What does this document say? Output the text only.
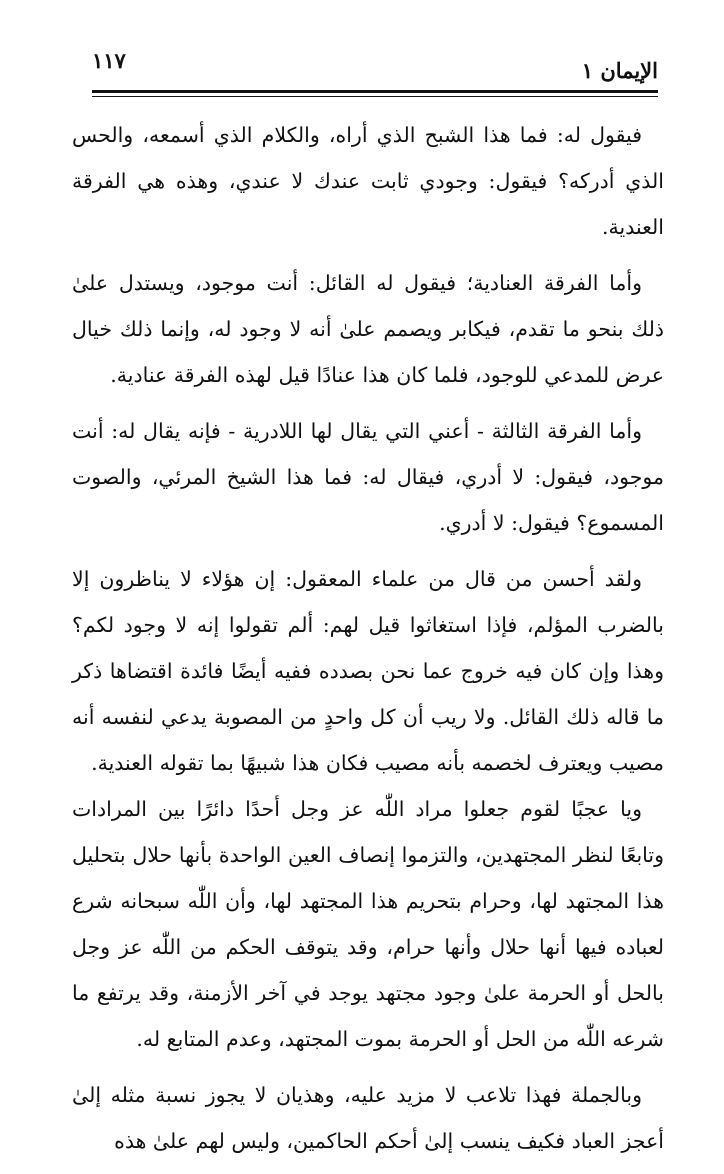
الإيمان ١
١١٧

فيقول له: فما هذا الشبح الذي أراه، والكلام الذي أسمعه، والحس الذي أدركه؟ فيقول: وجودي ثابت عندك لا عندي، وهذه هي الفرقة العندية.

وأما الفرقة العنادية؛ فيقول له القائل: أنت موجود، ويستدل علىٰ ذلك بنحو ما تقدم، فيكابر ويصمم علىٰ أنه لا وجود له، وإنما ذلك خيال عرض للمدعي للوجود، فلما كان هذا عنادًا قيل لهذه الفرقة عنادية.

وأما الفرقة الثالثة - أعني التي يقال لها اللادرية - فإنه يقال له: أنت موجود، فيقول: لا أدري، فيقال له: فما هذا الشيخ المرئي، والصوت المسموع؟ فيقول: لا أدري.

ولقد أحسن من قال من علماء المعقول: إن هؤلاء لا يناظرون إلا بالضرب المؤلم، فإذا استغاثوا قيل لهم: ألم تقولوا إنه لا وجود لكم؟ وهذا وإن كان فيه خروج عما نحن بصدده ففيه أيضًا فائدة اقتضاها ذكر ما قاله ذلك القائل. ولا ريب أن كل واحدٍ من المصوبة يدعي لنفسه أنه مصيب ويعترف لخصمه بأنه مصيب فكان هذا شبيهًا بما تقوله العندية.

ويا عجبًا لقوم جعلوا مراد اللّٰه عز وجل أحدًا دائرًا بين المرادات وتابعًا لنظر المجتهدين، والتزموا إنصاف العين الواحدة بأنها حلال بتحليل هذا المجتهد لها، وحرام بتحريم هذا المجتهد لها، وأن اللّٰه سبحانه شرع لعباده فيها أنها حلال وأنها حرام، وقد يتوقف الحكم من اللّٰه عز وجل بالحل أو الحرمة علىٰ وجود مجتهد يوجد في آخر الأزمنة، وقد يرتفع ما شرعه اللّٰه من الحل أو الحرمة بموت المجتهد، وعدم المتابع له.

وبالجملة فهذا تلاعب لا مزيد عليه، وهذيان لا يجوز نسبة مثله إلىٰ أعجز العباد فكيف ينسب إلىٰ أحكم الحاكمين، وليس لهم علىٰ هذه
